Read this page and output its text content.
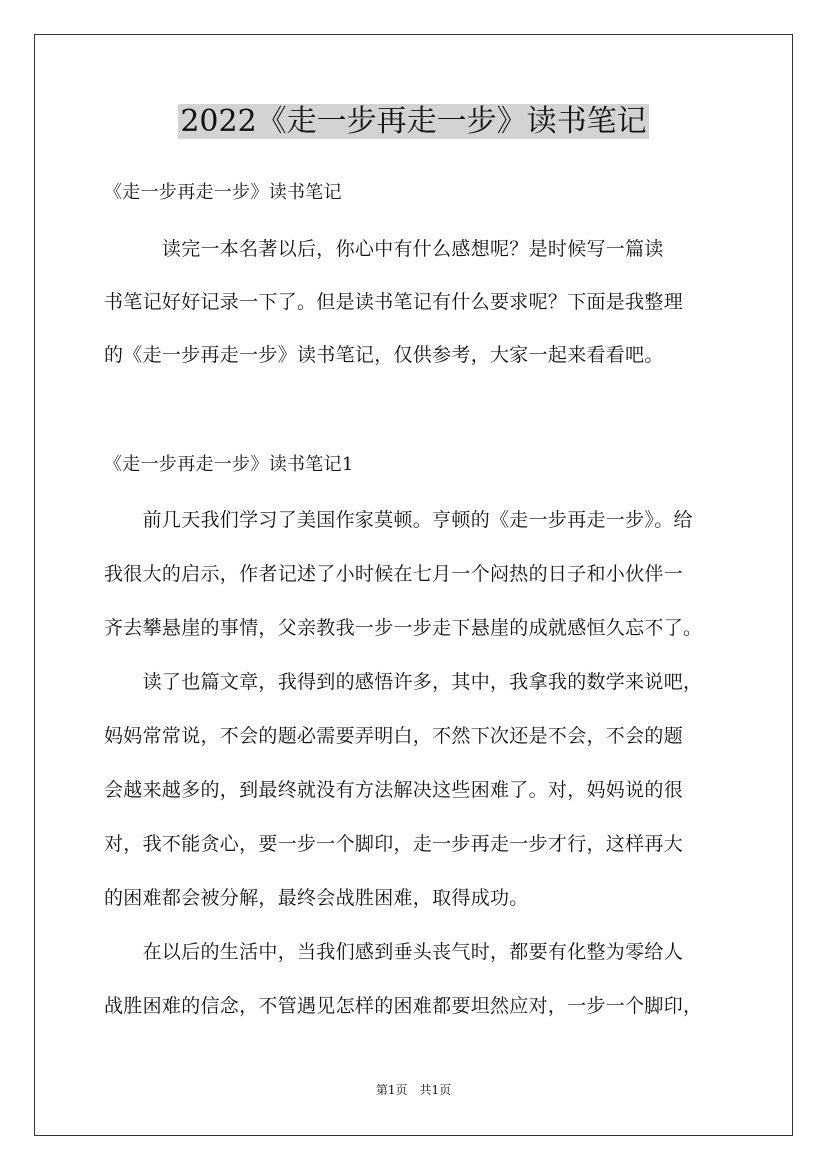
2022《走一步再走一步》读书笔记
《走一步再走一步》读书笔记
　　　读完一本名著以后，你心中有什么感想呢？是时候写一篇读
书笔记好好记录一下了。但是读书笔记有什么要求呢？下面是我整理
的《走一步再走一步》读书笔记，仅供参考，大家一起来看看吧。
《走一步再走一步》读书笔记1
　　前几天我们学习了美国作家莫顿。亨顿的《走一步再走一步》。给
我很大的启示，作者记述了小时候在七月一个闷热的日子和小伙伴一
齐去攀悬崖的事情，父亲教我一步一步走下悬崖的成就感恒久忘不了。
　　读了也篇文章，我得到的感悟许多，其中，我拿我的数学来说吧，
妈妈常常说，不会的题必需要弄明白，不然下次还是不会，不会的题
会越来越多的，到最终就没有方法解决这些困难了。对，妈妈说的很
对，我不能贪心，要一步一个脚印，走一步再走一步才行，这样再大
的困难都会被分解，最终会战胜困难，取得成功。
　　在以后的生活中，当我们感到垂头丧气时，都要有化整为零给人
战胜困难的信念，不管遇见怎样的困难都要坦然应对，一步一个脚印，
第1页　共1页
